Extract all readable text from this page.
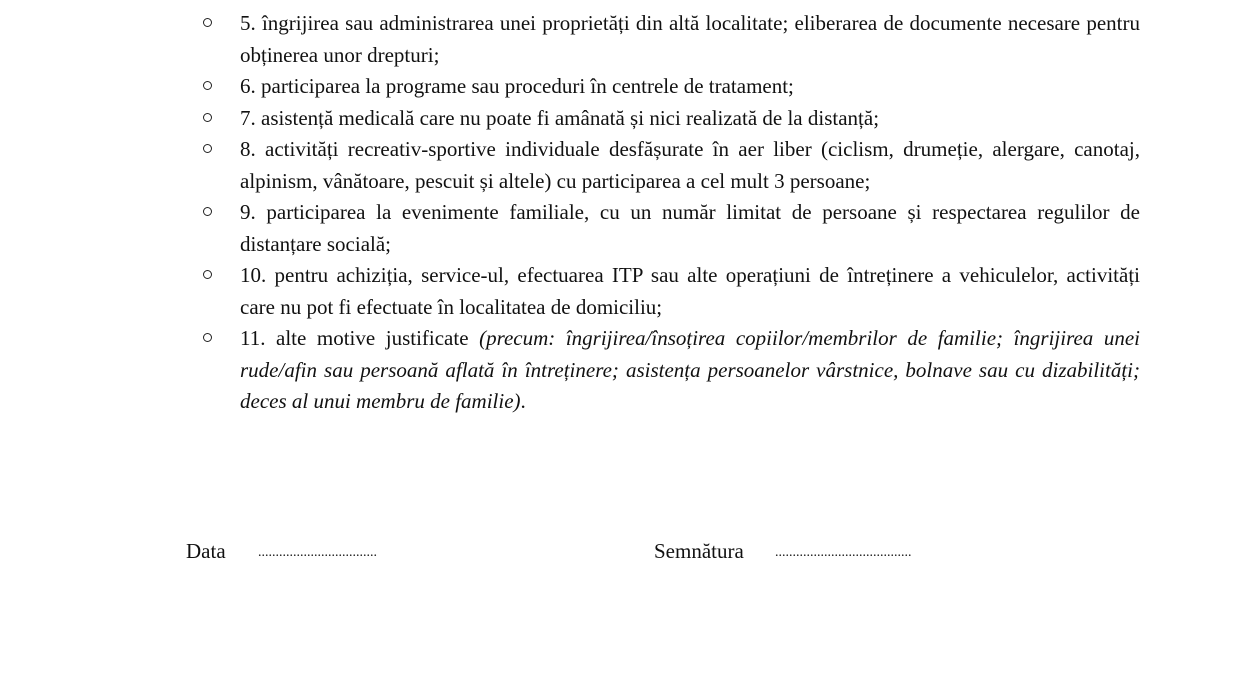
5. îngrijirea sau administrarea unei proprietăți din altă localitate; eliberarea de documente necesare pentru obținerea unor drepturi;
6. participarea la programe sau proceduri în centrele de tratament;
7. asistență medicală care nu poate fi amânată și nici realizată de la distanță;
8. activități recreativ-sportive individuale desfășurate în aer liber (ciclism, drumeție, alergare, canotaj, alpinism, vânătoare, pescuit și altele) cu participarea a cel mult 3 persoane;
9. participarea la evenimente familiale, cu un număr limitat de persoane și respectarea regulilor de distanțare socială;
10. pentru achiziția, service-ul, efectuarea ITP sau alte operațiuni de întreținere a vehiculelor, activități care nu pot fi efectuate în localitatea de domiciliu;
11. alte motive justificate (precum: îngrijirea/însoțirea copiilor/membrilor de familie; îngrijirea unei rude/afin sau persoană aflată în întreținere; asistența persoanelor vârstnice, bolnave sau cu dizabilități; deces al unui membru de familie).
Data ..................................	Semnătura .......................................
